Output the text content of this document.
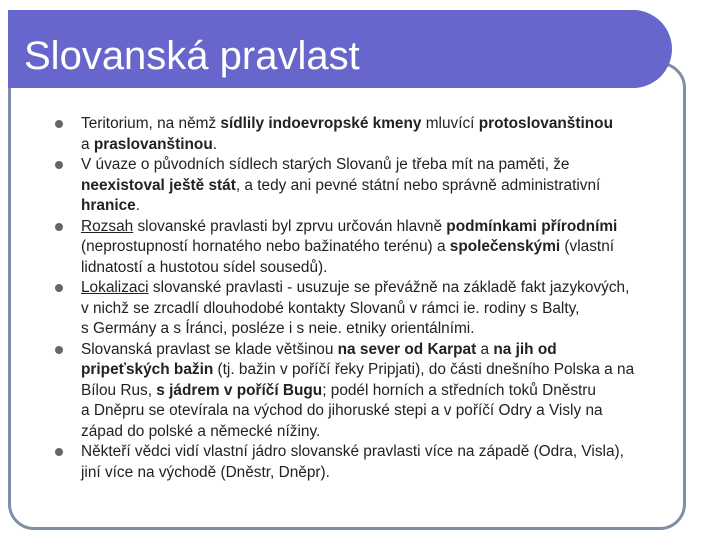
Slovanská pravlast
Teritorium, na němž sídlily indoevropské kmeny mluvící protoslovanštinou
a praslovanštinou.
V úvaze o původních sídlech starých Slovanů je třeba mít na paměti, že
neexistoval ještě stát, a tedy ani pevné státní nebo správně administrativní
hranice.
Rozsah slovanské pravlasti byl zprvu určován hlavně podmínkami přírodními
(neprostupností hornatého nebo bažinatého terénu) a společenskými (vlastní
lidnatostí a hustotou sídel sousedů).
Lokalizaci slovanské pravlasti - usuzuje se převážně na základě fakt jazykových,
v nichž se zrcadlí dlouhodobé kontakty Slovanů v rámci ie. rodiny s Balty,
s Germány a s Íránci, posléze i s neie. etniky orientálními.
Slovanská pravlast se klade většinou na sever od Karpat a na jih od
pripeťských bažin (tj. bažin v poříčí řeky Pripjati), do části dnešního Polska a na
Bílou Rus, s jádrem v poříčí Bugu; podél horních a středních toků Dněstru
a Dněpru se otevírala na východ do jihoruské stepi a v poříčí Odry a Visly na
západ do polské a německé nížiny.
Někteří vědci vidí vlastní jádro slovanské pravlasti více na západě (Odra, Visla),
jiní více na východě (Dněstr, Dněpr).
